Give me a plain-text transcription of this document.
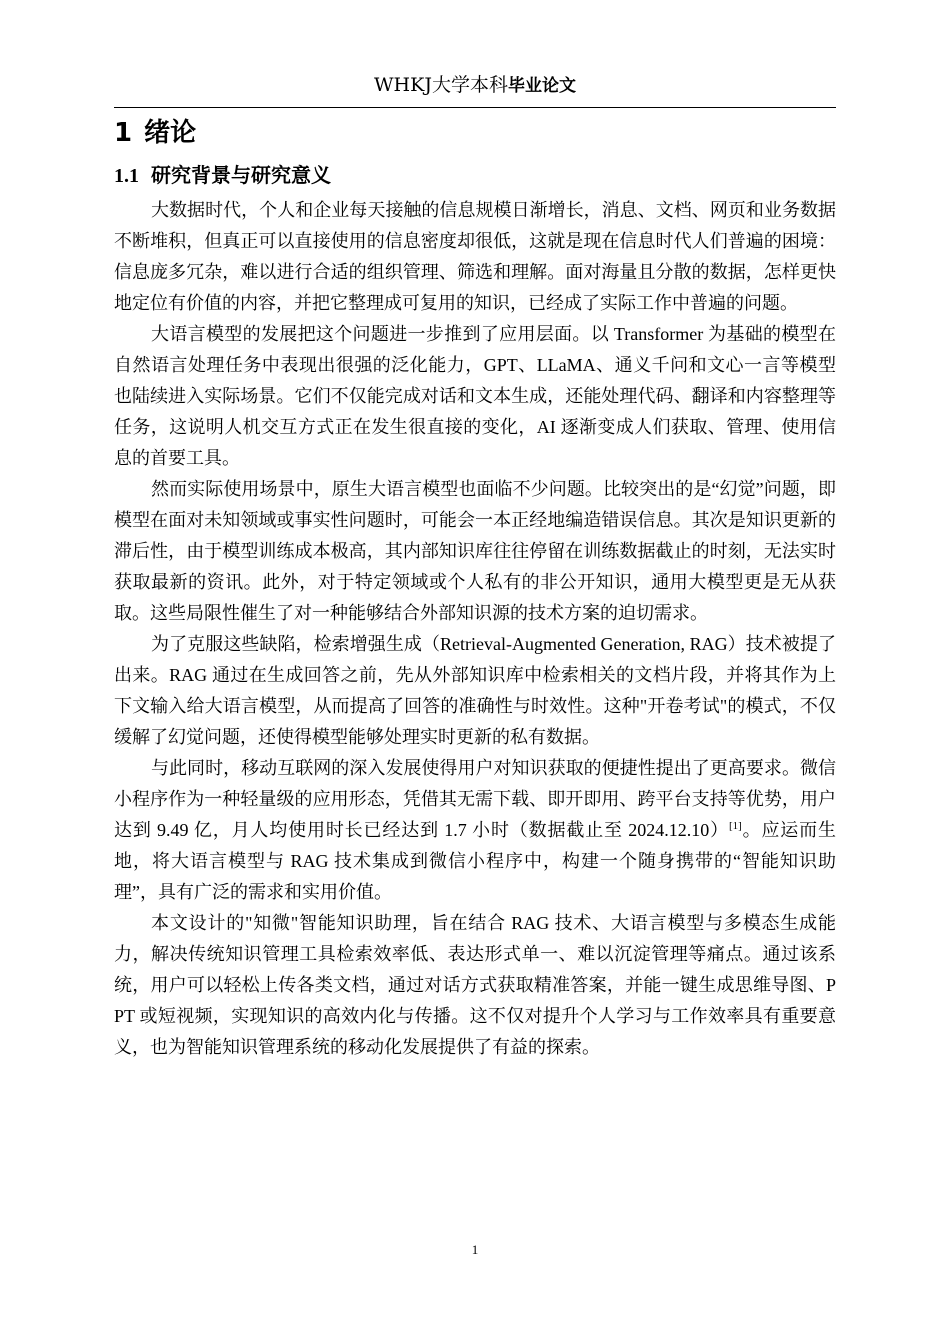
WHKJ大学本科毕业论文
1 绪论
1.1 研究背景与研究意义

大数据时代，个人和企业每天接触的信息规模日渐增长，消息、文档、网页和业务数据不断堆积，但真正可以直接使用的信息密度却很低，这就是现在信息时代人们普遍的困境：信息庞多冗杂，难以进行合适的组织管理、筛选和理解。面对海量且分散的数据，怎样更快地定位有价值的内容，并把它整理成可复用的知识，已经成了实际工作中普遍的问题。

大语言模型的发展把这个问题进一步推到了应用层面。以 Transformer 为基础的模型在自然语言处理任务中表现出很强的泛化能力，GPT、LLaMA、通义千问和文心一言等模型也陆续进入实际场景。它们不仅能完成对话和文本生成，还能处理代码、翻译和内容整理等任务，这说明人机交互方式正在发生很直接的变化，AI 逐渐变成人们获取、管理、使用信息的首要工具。

然而实际使用场景中，原生大语言模型也面临不少问题。比较突出的是“幻觉”问题，即模型在面对未知领域或事实性问题时，可能会一本正经地编造错误信息。其次是知识更新的滞后性，由于模型训练成本极高，其内部知识库往往停留在训练数据截止的时刻，无法实时获取最新的资讯。此外，对于特定领域或个人私有的非公开知识，通用大模型更是无从获取。这些局限性催生了对一种能够结合外部知识源的技术方案的迫切需求。

为了克服这些缺陷，检索增强生成（Retrieval-Augmented Generation, RAG）技术被提了出来。RAG 通过在生成回答之前，先从外部知识库中检索相关的文档片段，并将其作为上下文输入给大语言模型，从而提高了回答的准确性与时效性。这种"开卷考试"的模式，不仅缓解了幻觉问题，还使得模型能够处理实时更新的私有数据。

与此同时，移动互联网的深入发展使得用户对知识获取的便捷性提出了更高要求。微信小程序作为一种轻量级的应用形态，凭借其无需下载、即开即用、跨平台支持等优势，用户达到 9.49 亿，月人均使用时长已经达到 1.7 小时（数据截止至 2024.12.10）[1]。应运而生地，将大语言模型与 RAG 技术集成到微信小程序中，构建一个随身携带的“智能知识助理”，具有广泛的需求和实用价值。

本文设计的"知微"智能知识助理，旨在结合 RAG 技术、大语言模型与多模态生成能力，解决传统知识管理工具检索效率低、表达形式单一、难以沉淀管理等痛点。通过该系统，用户可以轻松上传各类文档，通过对话方式获取精准答案，并能一键生成思维导图、PPT 或短视频，实现知识的高效内化与传播。这不仅对提升个人学习与工作效率具有重要意义，也为智能知识管理系统的移动化发展提供了有益的探索。

1
